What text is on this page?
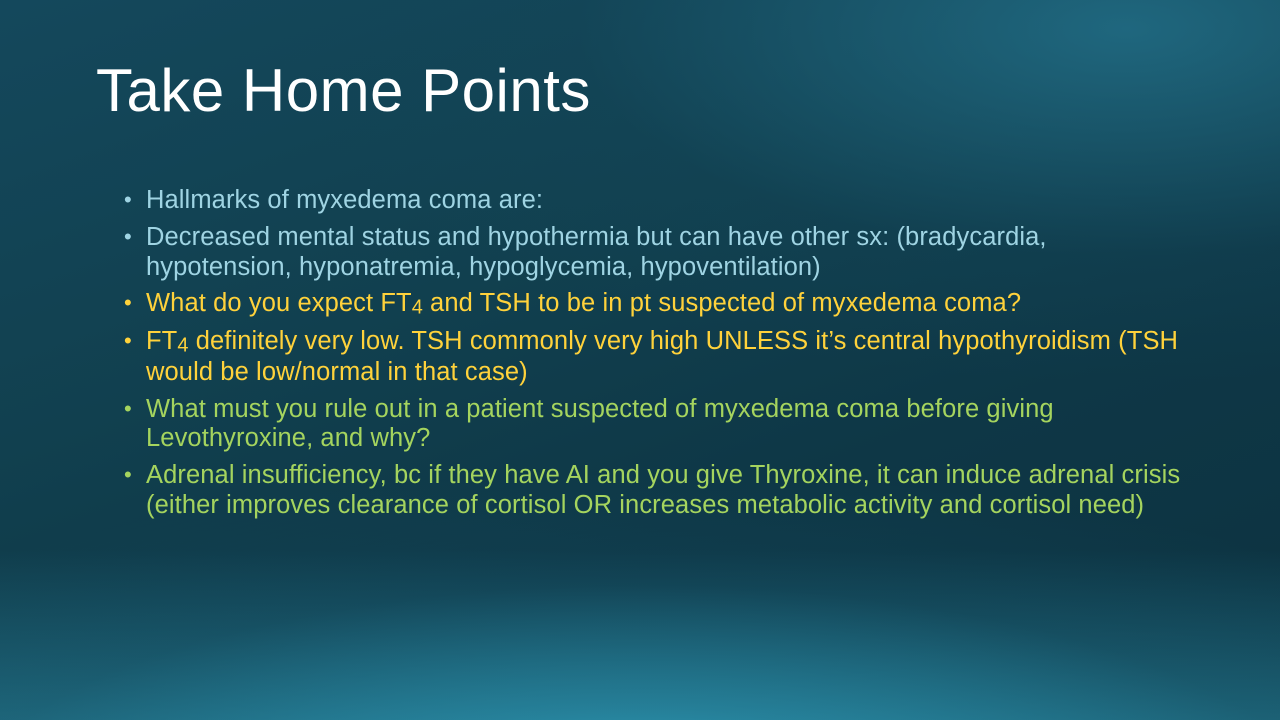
Take Home Points
• Hallmarks of myxedema coma are:
• Decreased mental status and hypothermia but can have other sx: (bradycardia, hypotension, hyponatremia, hypoglycemia, hypoventilation)
• What do you expect FT4 and TSH to be in pt suspected of myxedema coma?
• FT4 definitely very low. TSH commonly very high UNLESS it’s central hypothyroidism (TSH would be low/normal in that case)
• What must you rule out in a patient suspected of myxedema coma before giving Levothyroxine, and why?
• Adrenal insufficiency, bc if they have AI and you give Thyroxine, it can induce adrenal crisis (either improves clearance of cortisol OR increases metabolic activity and cortisol need)
